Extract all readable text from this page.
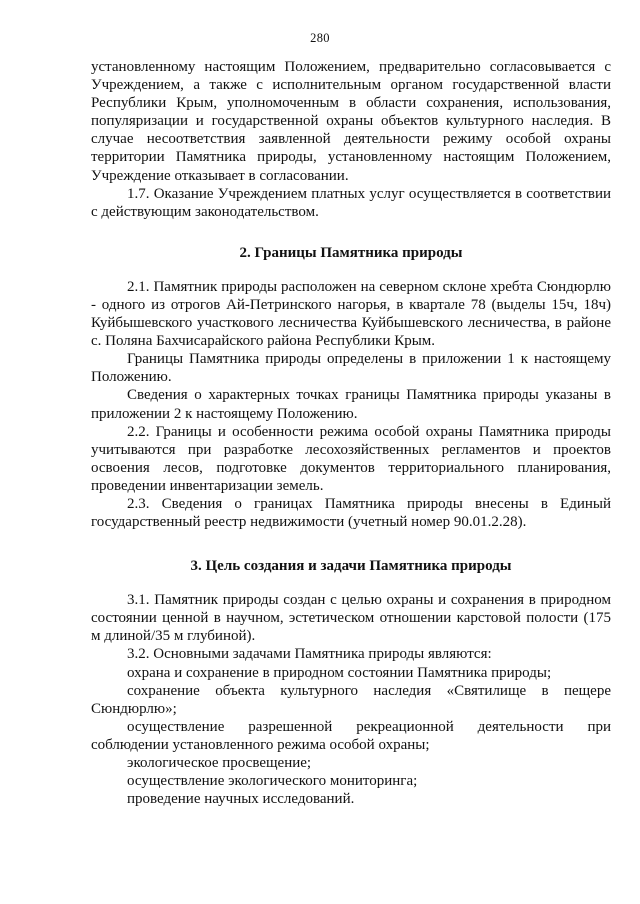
280

установленному настоящим Положением, предварительно согласовывается с Учреждением, а также с исполнительным органом государственной власти Республики Крым, уполномоченным в области сохранения, использования, популяризации и государственной охраны объектов культурного наследия. В случае несоответствия заявленной деятельности режиму особой охраны территории Памятника природы, установленному настоящим Положением, Учреждение отказывает в согласовании.

1.7. Оказание Учреждением платных услуг осуществляется в соответствии с действующим законодательством.

2. Границы Памятника природы

2.1. Памятник природы расположен на северном склоне хребта Сюндюрлю - одного из отрогов Ай-Петринского нагорья, в квартале 78 (выделы 15ч, 18ч) Куйбышевского участкового лесничества Куйбышевского лесничества, в районе с. Поляна Бахчисарайского района Республики Крым.

Границы Памятника природы определены в приложении 1 к настоящему Положению.

Сведения о характерных точках границы Памятника природы указаны в приложении 2 к настоящему Положению.

2.2. Границы и особенности режима особой охраны Памятника природы учитываются при разработке лесохозяйственных регламентов и проектов освоения лесов, подготовке документов территориального планирования, проведении инвентаризации земель.

2.3. Сведения о границах Памятника природы внесены в Единый государственный реестр недвижимости (учетный номер 90.01.2.28).

3. Цель создания и задачи Памятника природы

3.1. Памятник природы создан с целью охраны и сохранения в природном состоянии ценной в научном, эстетическом отношении карстовой полости (175 м длиной/35 м глубиной).

3.2. Основными задачами Памятника природы являются:

охрана и сохранение в природном состоянии Памятника природы;

сохранение объекта культурного наследия «Святилище в пещере Сюндюрлю»;

осуществление разрешенной рекреационной деятельности при соблюдении установленного режима особой охраны;

экологическое просвещение;

осуществление экологического мониторинга;

проведение научных исследований.
